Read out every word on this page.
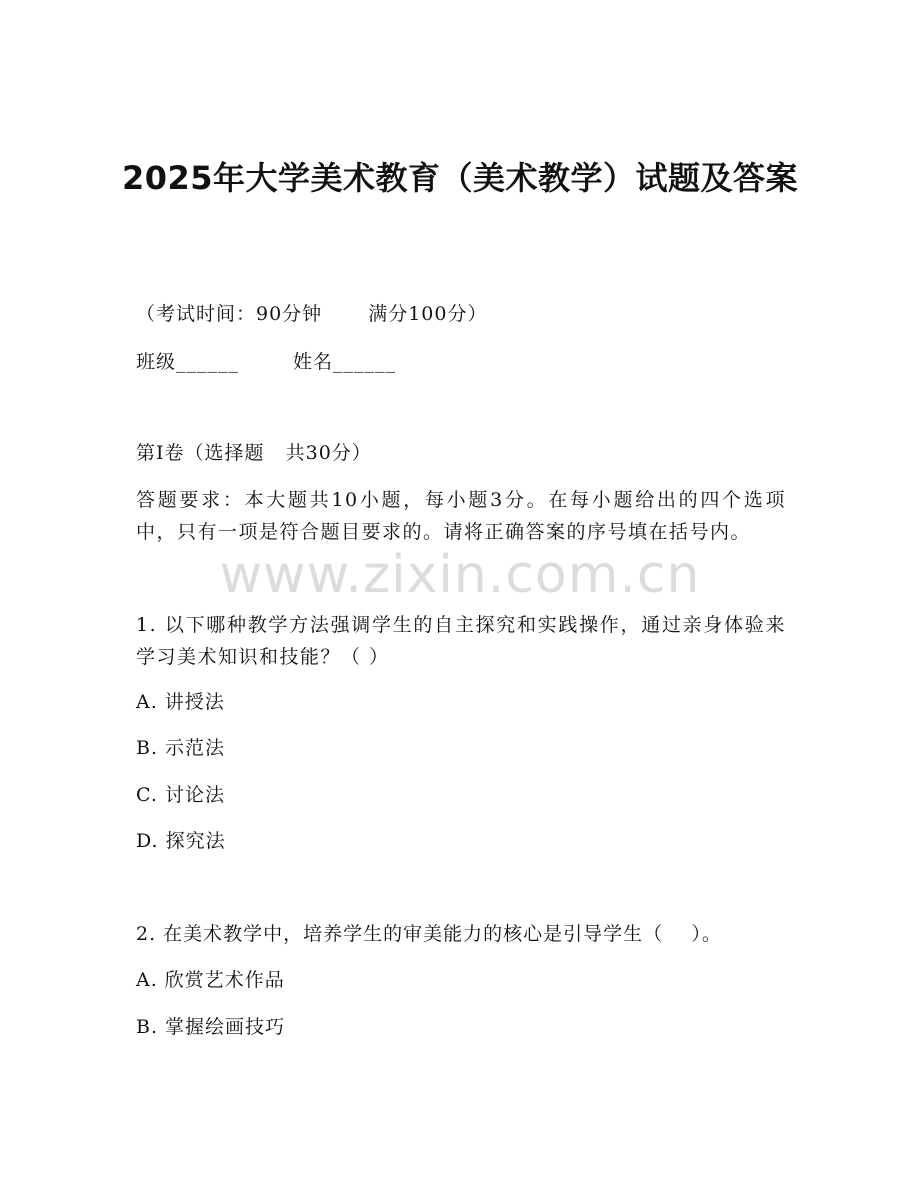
2025年大学美术教育（美术教学）试题及答案
（考试时间：90分钟 满分100分）
班级______	姓名______
第I卷（选择题   共30分）
答题要求：本大题共10小题，每小题3分。在每小题给出的四个选项中，只有一项是符合题目要求的。请将正确答案的序号填在括号内。
www.zixin.com.cn
1. 以下哪种教学方法强调学生的自主探究和实践操作，通过亲身体验来学习美术知识和技能？（ ）
A. 讲授法
B. 示范法
C. 讨论法
D. 探究法
2. 在美术教学中，培养学生的审美能力的核心是引导学生（    ）。
A. 欣赏艺术作品
B. 掌握绘画技巧
